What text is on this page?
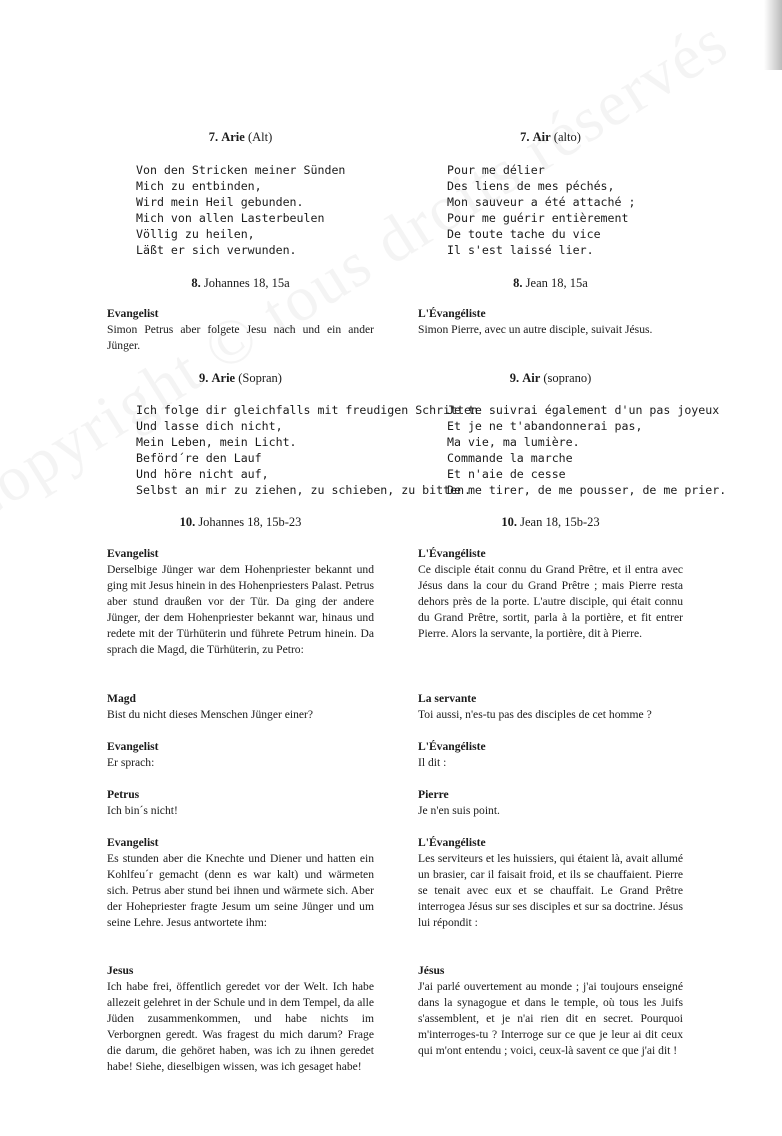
7. Arie (Alt)
Von den Stricken meiner Sünden
Mich zu entbinden,
Wird mein Heil gebunden.
Mich von allen Lasterbeulen
Völlig zu heilen,
Läßt er sich verwunden.
8. Johannes 18, 15a
Evangelist

Simon Petrus aber folgete Jesu nach und ein ander Jünger.

9. Arie (Sopran)
Ich folge dir gleichfalls mit freudigen Schritten
Und lasse dich nicht,
Mein Leben, mein Licht.
Beförd´re den Lauf
Und höre nicht auf,
Selbst an mir zu ziehen, zu schieben, zu bitten.
10. Johannes 18, 15b-23
Evangelist

Derselbige Jünger war dem Hohenpriester bekannt und ging mit Jesus hinein in des Hohenpriesters Palast. Petrus aber stund draußen vor der Tür. Da ging der andere Jünger, der dem Hohenpriester bekannt war, hinaus und redete mit der Türhüterin und führete Petrum hinein. Da sprach die Magd, die Türhüterin, zu Petro:

Magd

Bist du nicht dieses Menschen Jünger einer?

Evangelist

Er sprach:

Petrus

Ich bin´s nicht!

Evangelist

Es stunden aber die Knechte und Diener und hatten ein Kohlfeu´r gemacht (denn es war kalt) und wärmeten sich. Petrus aber stund bei ihnen und wärmete sich. Aber der Hohepriester fragte Jesum um seine Jünger und um seine Lehre. Jesus antwortete ihm:

Jesus

Ich habe frei, öffentlich geredet vor der Welt. Ich habe allezeit gelehret in der Schule und in dem Tempel, da alle Jüden zusammenkommen, und habe nichts im Verborgnen geredt. Was fragest du mich darum? Frage die darum, die gehöret haben, was ich zu ihnen geredet habe! Siehe, dieselbigen wissen, was ich gesaget habe!

7. Air (alto)
Pour me délier
Des liens de mes péchés,
Mon sauveur a été attaché ;
Pour me guérir entièrement
De toute tache du vice
Il s'est laissé lier.
8. Jean 18, 15a
L'Évangéliste

Simon Pierre, avec un autre disciple, suivait Jésus.

9. Air (soprano)
Je te suivrai également d'un pas joyeux
Et je ne t'abandonnerai pas,
Ma vie, ma lumière.
Commande la marche
Et n'aie de cesse
De me tirer, de me pousser, de me prier.
10. Jean 18, 15b-23
L'Évangéliste

Ce disciple était connu du Grand Prêtre, et il entra avec Jésus dans la cour du Grand Prêtre ; mais Pierre resta dehors près de la porte. L'autre disciple, qui était connu du Grand Prêtre, sortit, parla à la portière, et fit entrer Pierre. Alors la servante, la portière, dit à Pierre.

La servante

Toi aussi, n'es-tu pas des disciples de cet homme ?

L'Évangéliste

Il dit :

Pierre

Je n'en suis point.

L'Évangéliste

Les serviteurs et les huissiers, qui étaient là, avait allumé un brasier, car il faisait froid, et ils se chauffaient. Pierre se tenait avec eux et se chauffait. Le Grand Prêtre interrogea Jésus sur ses disciples et sur sa doctrine. Jésus lui répondit :

Jésus

J'ai parlé ouvertement au monde ; j'ai toujours enseigné dans la synagogue et dans le temple, où tous les Juifs s'assemblent, et je n'ai rien dit en secret. Pourquoi m'interroges-tu ? Interroge sur ce que je leur ai dit ceux qui m'ont entendu ; voici, ceux-là savent ce que j'ai dit !
